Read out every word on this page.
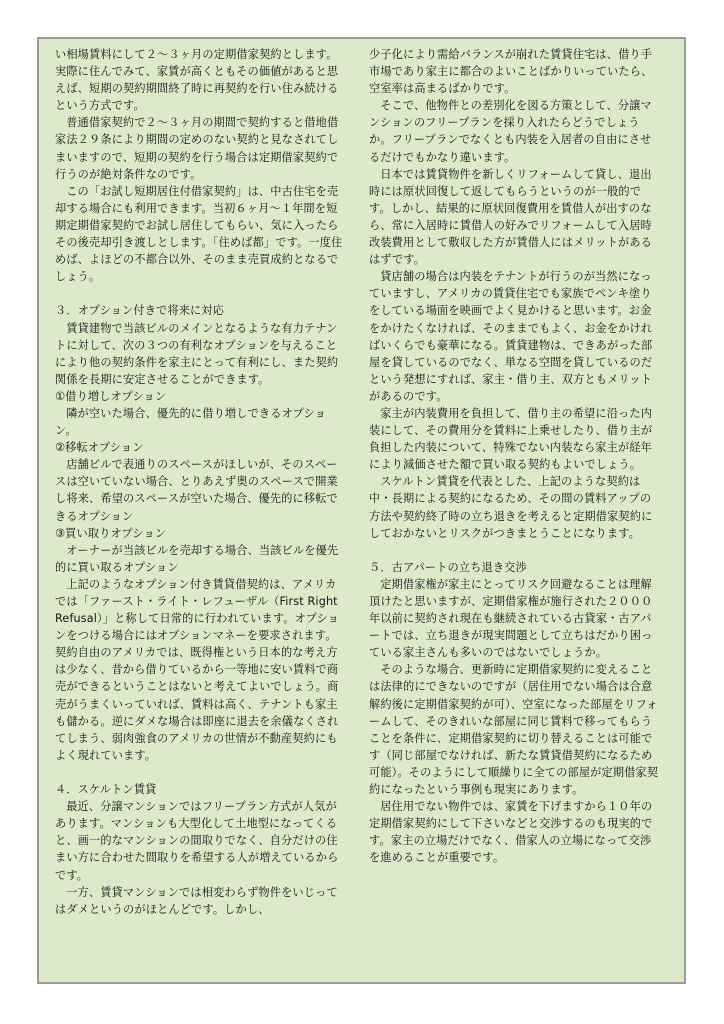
い相場賃料にして２～３ヶ月の定期借家契約とします。実際に住んでみて、家賃が高くともその価値があると思えば、短期の契約期間終了時に再契約を行い住み続けるという方式です。

普通借家契約で２～３ヶ月の期間で契約すると借地借家法２９条により期間の定めのない契約と見なされてしまいますので、短期の契約を行う場合は定期借家契約で行うのが絶対条件なのです。

この「お試し短期居住付借家契約」は、中古住宅を売却する場合にも利用できます。当初６ヶ月～１年間を短期定期借家契約でお試し居住してもらい、気に入ったらその後売却引き渡しとします。「住めば都」です。一度住めば、よほどの不都合以外、そのまま売買成約となるでしょう。

３．オプション付きで将来に対応

賃貸建物で当該ビルのメインとなるような有力テナントに対して、次の３つの有利なオプションを与えることにより他の契約条件を家主にとって有利にし、また契約関係を長期に安定させることができます。

①借り増しオプション

隣が空いた場合、優先的に借り増しできるオプション。

②移転オプション

店舗ビルで表通りのスペースがほしいが、そのスペースは空いていない場合、とりあえず奥のスペースで開業し将来、希望のスペースが空いた場合、優先的に移転できるオプション

③買い取りオプション

オーナーが当該ビルを売却する場合、当該ビルを優先的に買い取るオプション

上記のようなオプション付き賃貸借契約は、アメリカでは「ファースト・ライト・レフューザル（First Right Refusal）」と称して日常的に行われています。オプションをつける場合にはオプションマネーを要求されます。契約自由のアメリカでは、既得権という日本的な考え方は少なく、昔から借りているから一等地に安い賃料で商売ができるということはないと考えてよいでしょう。商売がうまくいっていれば、賃料は高く、テナントも家主も儲かる。逆にダメな場合は即座に退去を余儀なくされてしまう、弱肉強食のアメリカの世情が不動産契約にもよく現れています。

４．スケルトン賃貸

最近、分譲マンションではフリープラン方式が人気があります。マンションも大型化して土地型になってくると、画一的なマンションの間取りでなく、自分だけの住まい方に合わせた間取りを希望する人が増えているからです。

一方、賃貸マンションでは相変わらず物件をいじってはダメというのがほとんどです。しかし、

少子化により需給バランスが崩れた賃貸住宅は、借り手市場であり家主に都合のよいことばかりいっていたら、空室率は高まるばかりです。

そこで、他物件との差別化を図る方策として、分譲マンションのフリープランを採り入れたらどうでしょうか。フリープランでなくとも内装を入居者の自由にさせるだけでもかなり違います。

日本では賃貸物件を新しくリフォームして貸し、退出時には原状回復して返してもらうというのが一般的です。しかし、結果的に原状回復費用を賃借人が出すのなら、常に入居時に賃借人の好みでリフォームして入居時改装費用として敷収した方が賃借人にはメリットがあるはずです。

貸店舗の場合は内装をテナントが行うのが当然になっていますし、アメリカの賃貸住宅でも家族でペンキ塗りをしている場面を映画でよく見かけると思います。お金をかけたくなければ、そのままでもよく、お金をかければいくらでも豪華になる。賃貸建物は、できあがった部屋を貸しているのでなく、単なる空間を貸しているのだという発想にすれば、家主・借り主、双方ともメリットがあるのです。

家主が内装費用を負担して、借り主の希望に沿った内装にして、その費用分を賃料に上乗せしたり、借り主が負担した内装について、特殊でない内装なら家主が経年により減価させた額で買い取る契約もよいでしょう。

スケルトン賃貸を代表とした、上記のような契約は中・長期による契約になるため、その間の賃料アップの方法や契約終了時の立ち退きを考えると定期借家契約にしておかないとリスクがつきまとうことになります。

５．古アパートの立ち退き交渉

定期借家権が家主にとってリスク回避なることは理解頂けたと思いますが、定期借家権が施行された２０００年以前に契約され現在も継続されている古貸家・古アパートでは、立ち退きが現実問題として立ちはだかり困っている家主さんも多いのではないでしょうか。

そのような場合、更新時に定期借家契約に変えることは法律的にできないのですが（居住用でない場合は合意解約後に定期借家契約が可）、空室になった部屋をリフォームして、そのきれいな部屋に同じ賃料で移ってもらうことを条件に、定期借家契約に切り替えることは可能です（同じ部屋でなければ、新たな賃貸借契約になるため可能）。そのようにして順繰りに全ての部屋が定期借家契約になったという事例も現実にあります。

居住用でない物件では、家賃を下げますから１０年の定期借家契約にして下さいなどと交渉するのも現実的です。家主の立場だけでなく、借家人の立場になって交渉を進めることが重要です。
